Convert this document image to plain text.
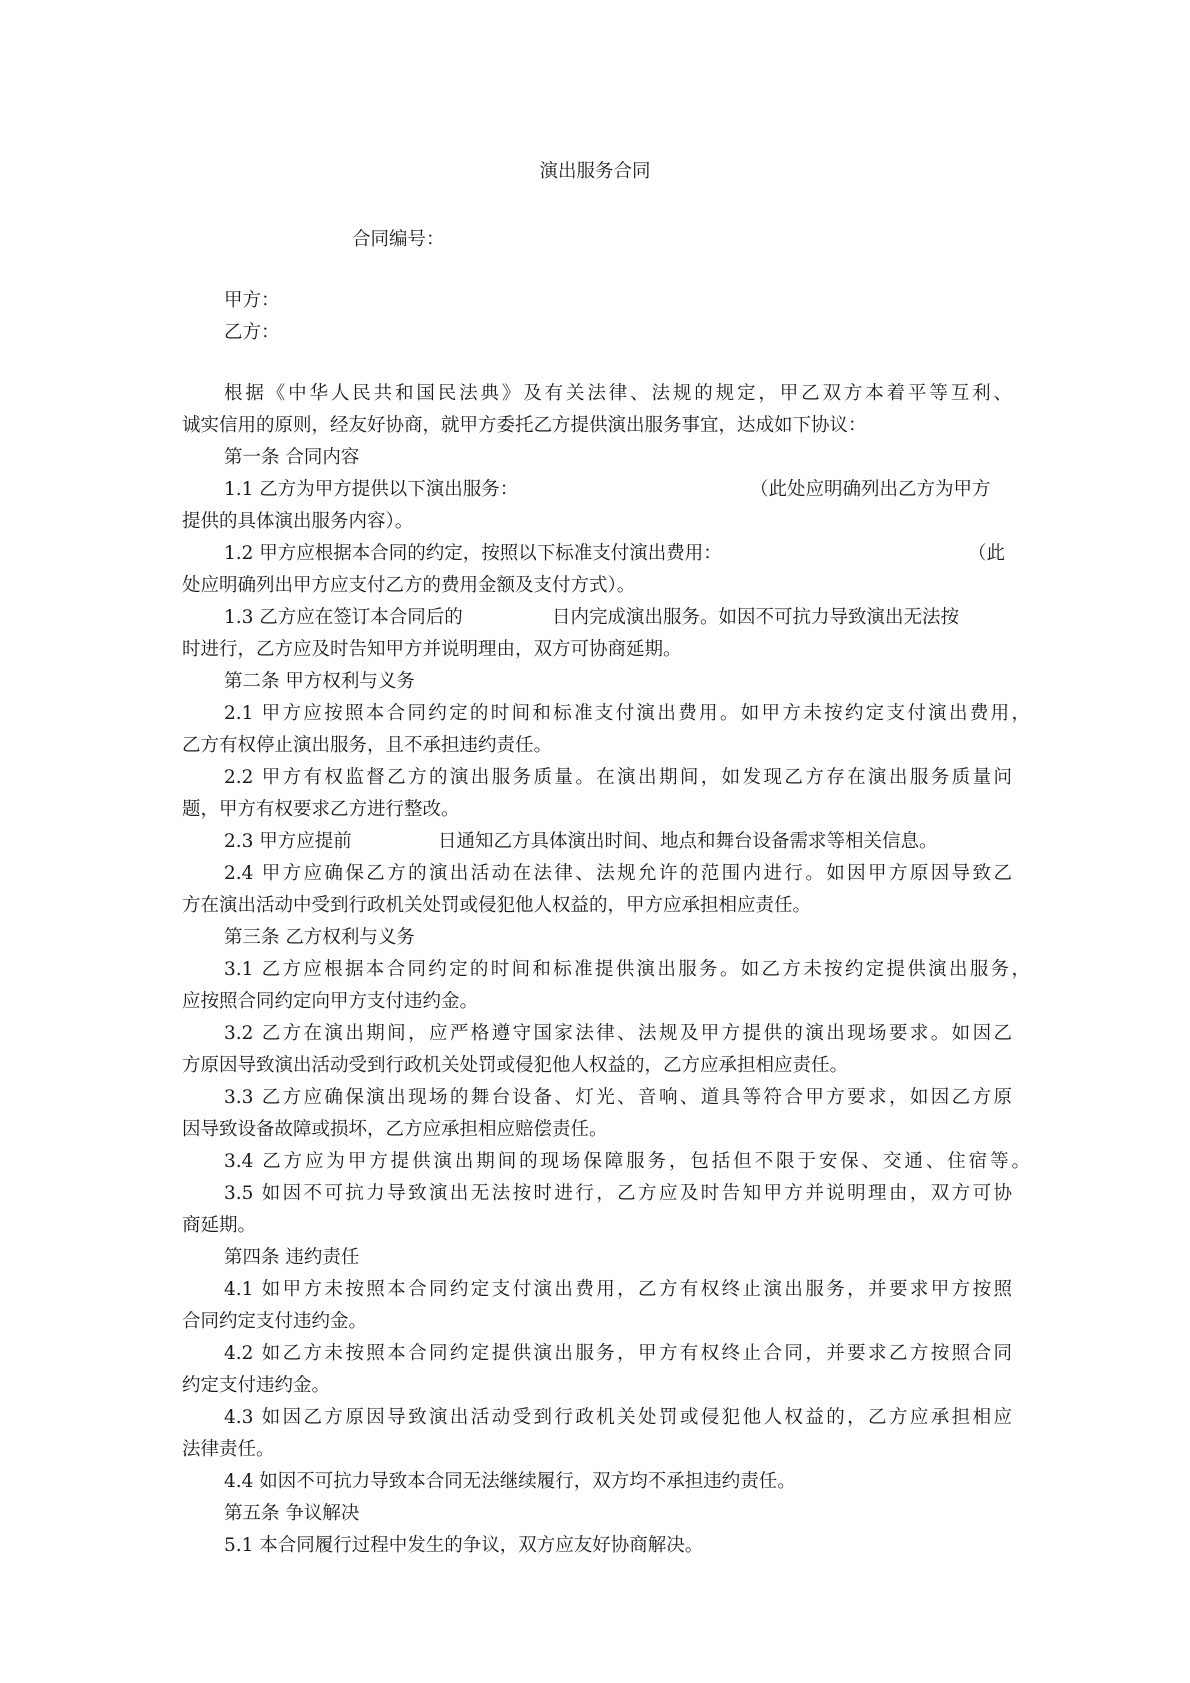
演出服务合同
合同编号：
甲方：
乙方：
根据《中华人民共和国民法典》及有关法律、法规的规定，甲乙双方本着平等互利、
诚实信用的原则，经友好协商，就甲方委托乙方提供演出服务事宜，达成如下协议：
第一条 合同内容
1.1 乙方为甲方提供以下演出服务：	（此处应明确列出乙方为甲方
提供的具体演出服务内容）。
1.2 甲方应根据本合同的约定，按照以下标准支付演出费用：	（此
处应明确列出甲方应支付乙方的费用金额及支付方式）。
1.3 乙方应在签订本合同后的	日内完成演出服务。如因不可抗力导致演出无法按
时进行，乙方应及时告知甲方并说明理由，双方可协商延期。
第二条 甲方权利与义务
2.1 甲方应按照本合同约定的时间和标准支付演出费用。如甲方未按约定支付演出费用，
乙方有权停止演出服务，且不承担违约责任。
2.2 甲方有权监督乙方的演出服务质量。在演出期间，如发现乙方存在演出服务质量问
题，甲方有权要求乙方进行整改。
2.3 甲方应提前	日通知乙方具体演出时间、地点和舞台设备需求等相关信息。
2.4 甲方应确保乙方的演出活动在法律、法规允许的范围内进行。如因甲方原因导致乙
方在演出活动中受到行政机关处罚或侵犯他人权益的，甲方应承担相应责任。
第三条 乙方权利与义务
3.1 乙方应根据本合同约定的时间和标准提供演出服务。如乙方未按约定提供演出服务，
应按照合同约定向甲方支付违约金。
3.2 乙方在演出期间，应严格遵守国家法律、法规及甲方提供的演出现场要求。如因乙
方原因导致演出活动受到行政机关处罚或侵犯他人权益的，乙方应承担相应责任。
3.3 乙方应确保演出现场的舞台设备、灯光、音响、道具等符合甲方要求，如因乙方原
因导致设备故障或损坏，乙方应承担相应赔偿责任。
3.4 乙方应为甲方提供演出期间的现场保障服务，包括但不限于安保、交通、住宿等。
3.5 如因不可抗力导致演出无法按时进行，乙方应及时告知甲方并说明理由，双方可协
商延期。
第四条 违约责任
4.1 如甲方未按照本合同约定支付演出费用，乙方有权终止演出服务，并要求甲方按照
合同约定支付违约金。
4.2 如乙方未按照本合同约定提供演出服务，甲方有权终止合同，并要求乙方按照合同
约定支付违约金。
4.3 如因乙方原因导致演出活动受到行政机关处罚或侵犯他人权益的，乙方应承担相应
法律责任。
4.4 如因不可抗力导致本合同无法继续履行，双方均不承担违约责任。
第五条 争议解决
5.1 本合同履行过程中发生的争议，双方应友好协商解决。
